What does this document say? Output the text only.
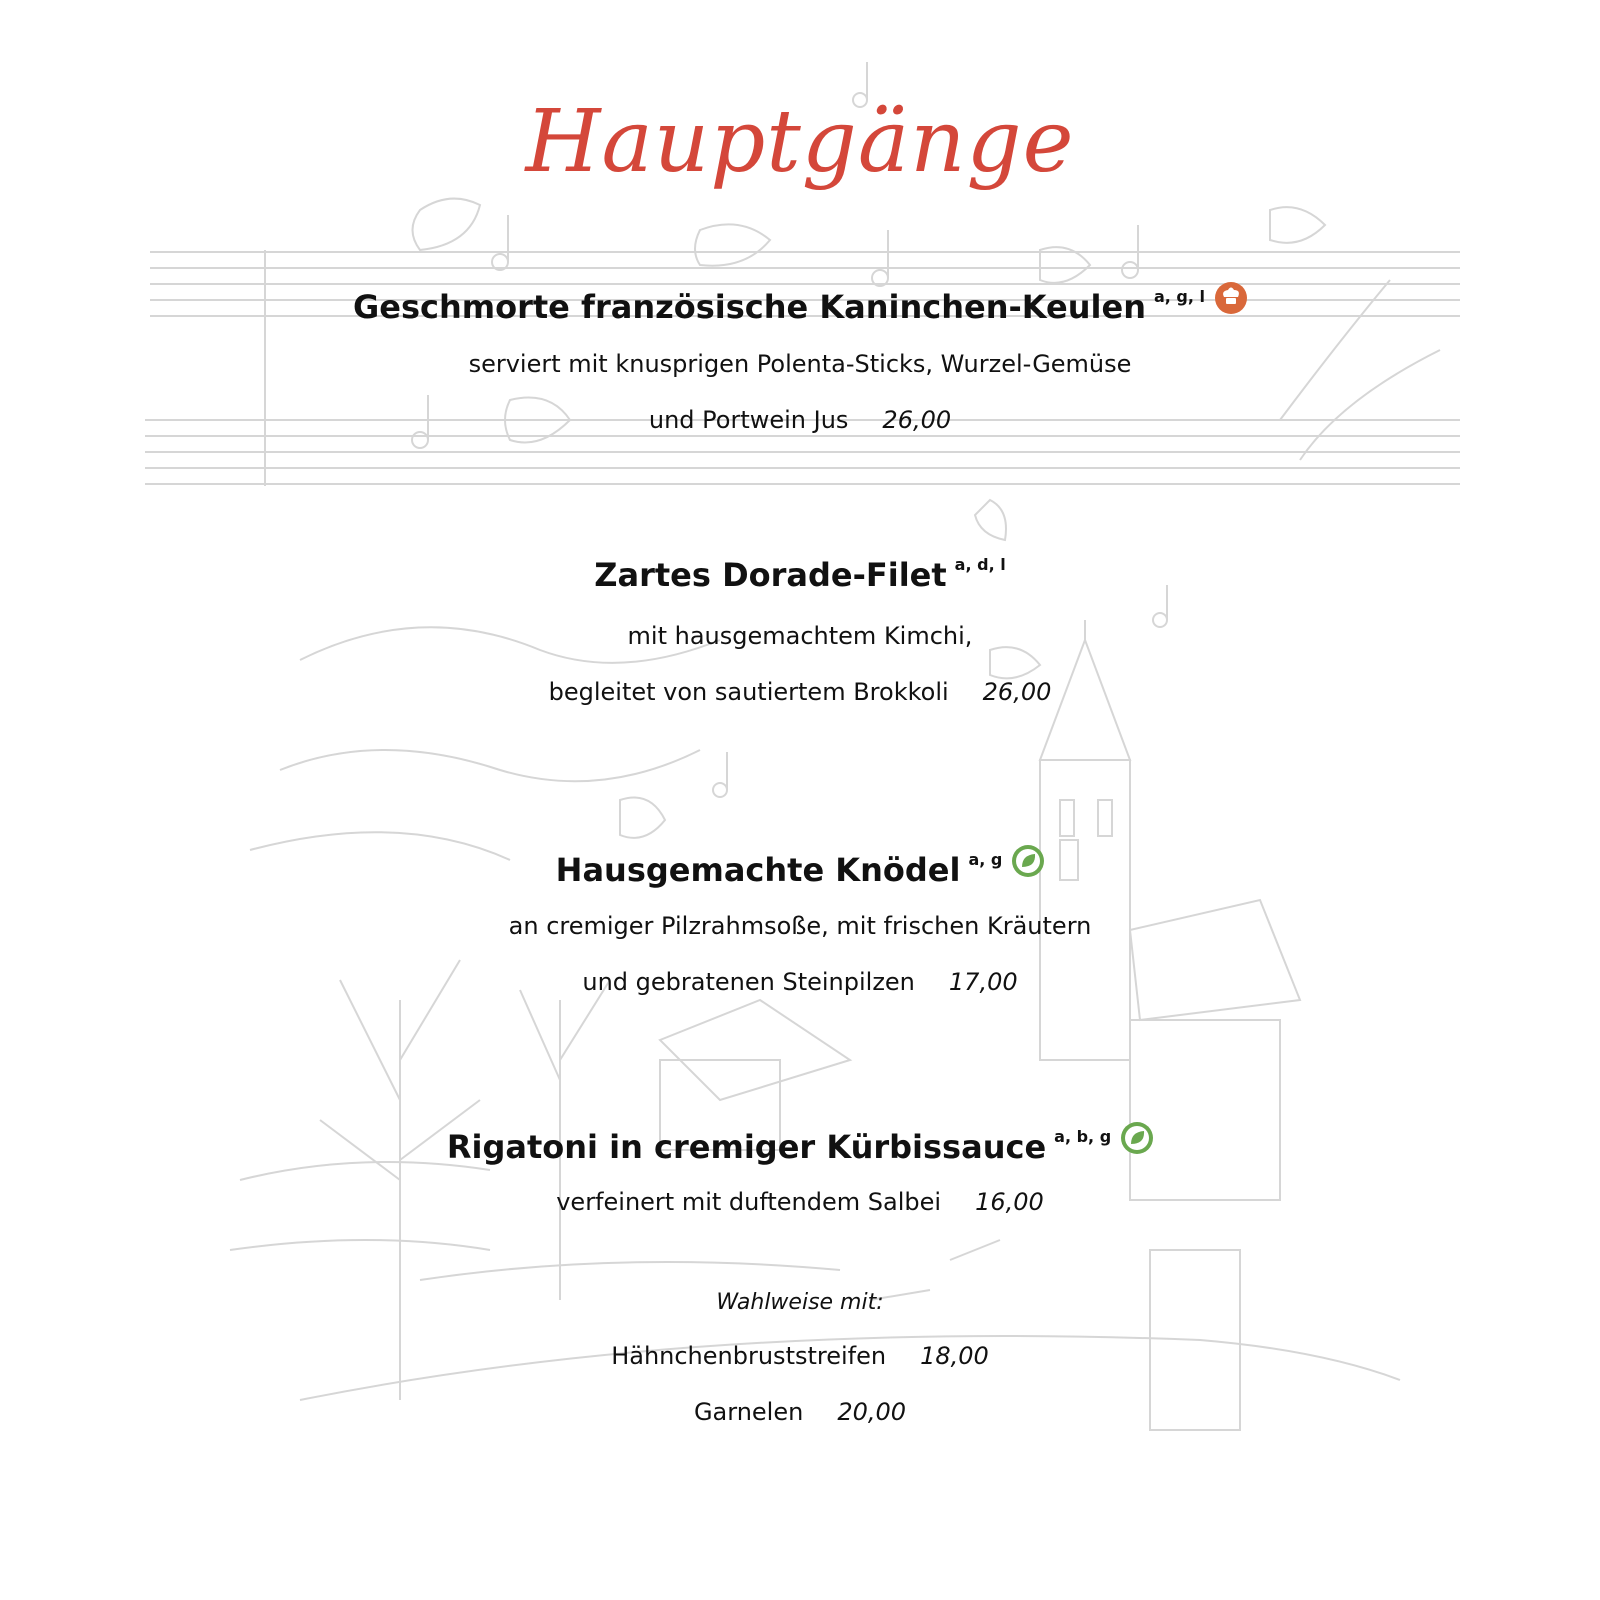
Hauptgänge
Geschmorte französische Kaninchen-Keulen $^{a, g, l}$
serviert mit knusprigen Polenta-Sticks, Wurzel-Gemüse
und Portwein Jus 26,00
Zartes Dorade-Filet $^{a, d, l}$
mit hausgemachtem Kimchi,
begleitet von sautiertem Brokkoli 26,00
Hausgemachte Knödel $^{a, g}$
an cremiger Pilzrahmsoße, mit frischen Kräutern
und gebratenen Steinpilzen 17,00
Rigatoni in cremiger Kürbissauce $^{a, b, g}$
verfeinert mit duftendem Salbei 16,00
Wahlweise mit:
Hähnchenbruststreifen 18,00
Garnelen 20,00
